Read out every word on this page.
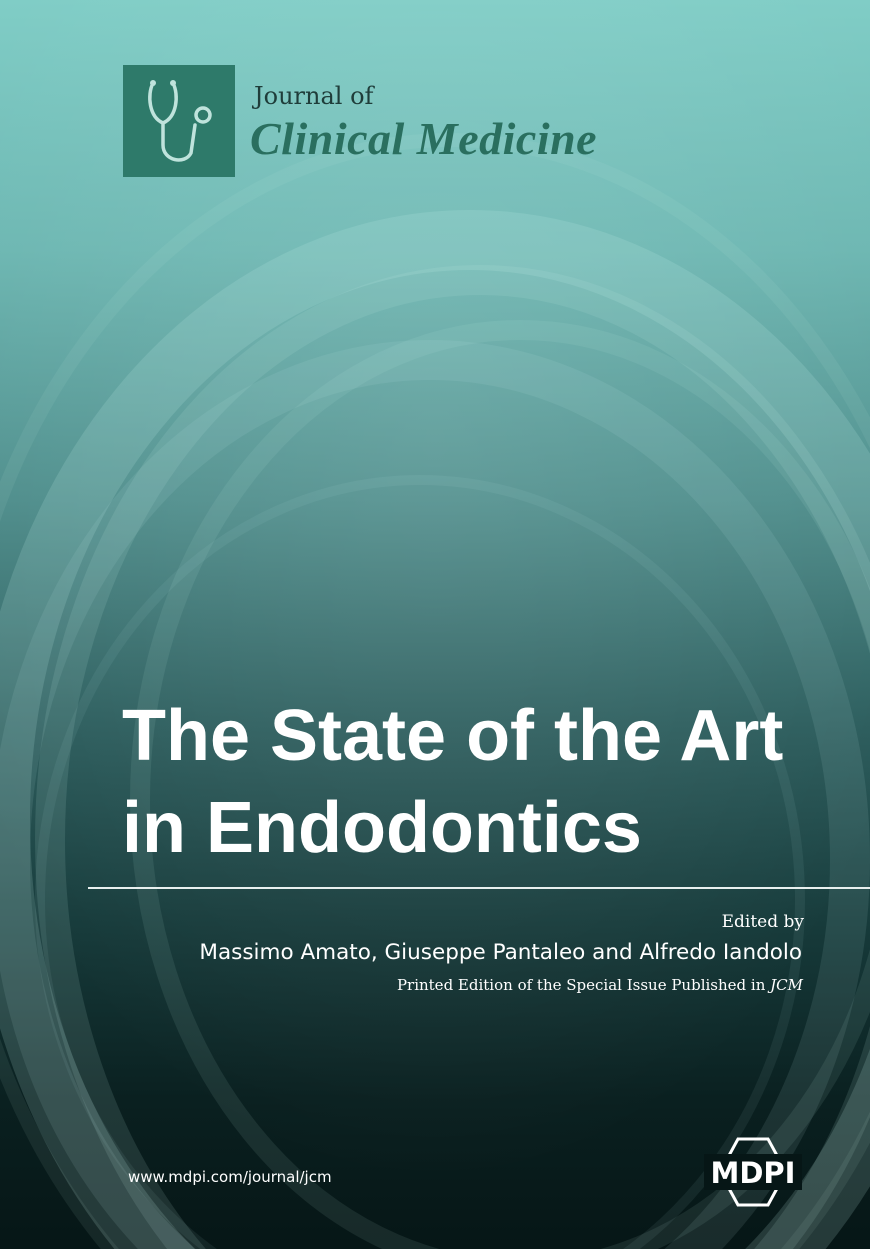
Journal of
Clinical Medicine
The State of the Art
in Endodontics
Edited by
Massimo Amato, Giuseppe Pantaleo and Alfredo Iandolo
Printed Edition of the Special Issue Published in JCM
www.mdpi.com/journal/jcm	MDPI
